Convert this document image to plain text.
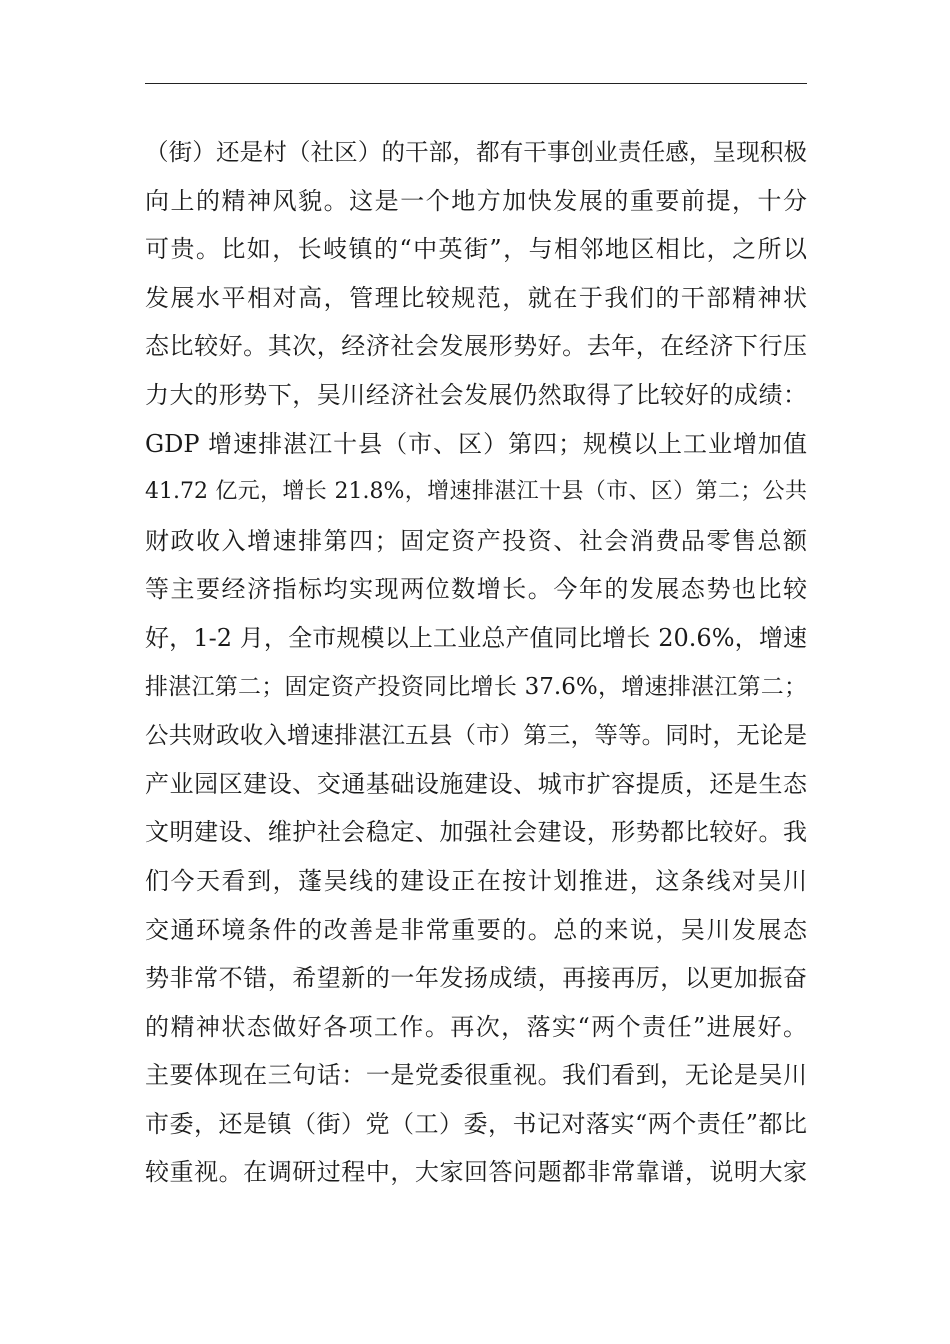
（街）还是村（社区）的干部，都有干事创业责任感，呈现积极
向上的精神风貌。这是一个地方加快发展的重要前提，十分
可贵。比如，长岐镇的“中英街”，与相邻地区相比，之所以
发展水平相对高，管理比较规范，就在于我们的干部精神状
态比较好。其次，经济社会发展形势好。去年，在经济下行压
力大的形势下，吴川经济社会发展仍然取得了比较好的成绩：
GDP 增速排湛江十县（市、区）第四；规模以上工业增加值
41.72 亿元，增长 21.8%，增速排湛江十县（市、区）第二；公共
财政收入增速排第四；固定资产投资、社会消费品零售总额
等主要经济指标均实现两位数增长。今年的发展态势也比较
好，1-2 月，全市规模以上工业总产值同比增长 20.6%，增速
排湛江第二；固定资产投资同比增长 37.6%，增速排湛江第二；
公共财政收入增速排湛江五县（市）第三，等等。同时，无论是
产业园区建设、交通基础设施建设、城市扩容提质，还是生态
文明建设、维护社会稳定、加强社会建设，形势都比较好。我
们今天看到，蓬吴线的建设正在按计划推进，这条线对吴川
交通环境条件的改善是非常重要的。总的来说，吴川发展态
势非常不错，希望新的一年发扬成绩，再接再厉，以更加振奋
的精神状态做好各项工作。再次，落实“两个责任”进展好。
主要体现在三句话：一是党委很重视。我们看到，无论是吴川
市委，还是镇（街）党（工）委，书记对落实“两个责任”都比
较重视。在调研过程中，大家回答问题都非常靠谱，说明大家
